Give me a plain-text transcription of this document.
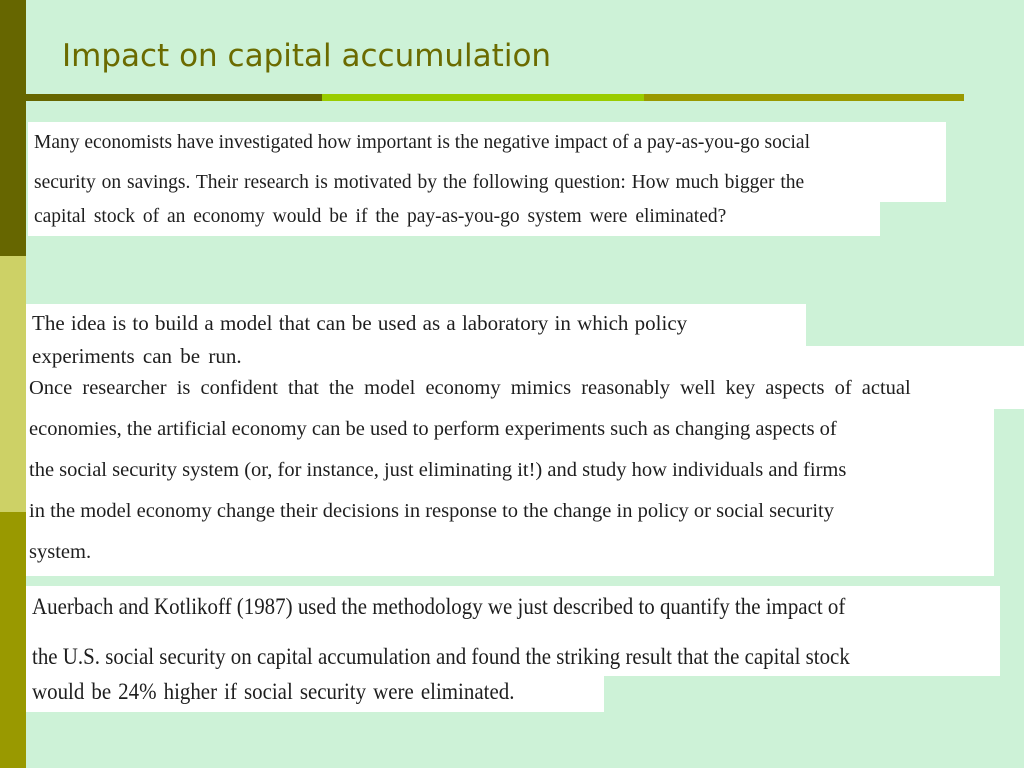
Impact on capital accumulation
Many economists have investigated how important is the negative impact of a pay-as-you-go social
security on savings. Their research is motivated by the following question: How much bigger the
capital stock of an economy would be if the pay-as-you-go system were eliminated?
The idea is to build a model that can be used as a laboratory in which policy
experiments can be run.
Once researcher is confident that the model economy mimics reasonably well key aspects of actual
economies, the artificial economy can be used to perform experiments such as changing aspects of
the social security system (or, for instance, just eliminating it!) and study how individuals and firms
in the model economy change their decisions in response to the change in policy or social security
system.
Auerbach and Kotlikoff (1987) used the methodology we just described to quantify the impact of
the U.S. social security on capital accumulation and found the striking result that the capital stock
would be 24% higher if social security were eliminated.
